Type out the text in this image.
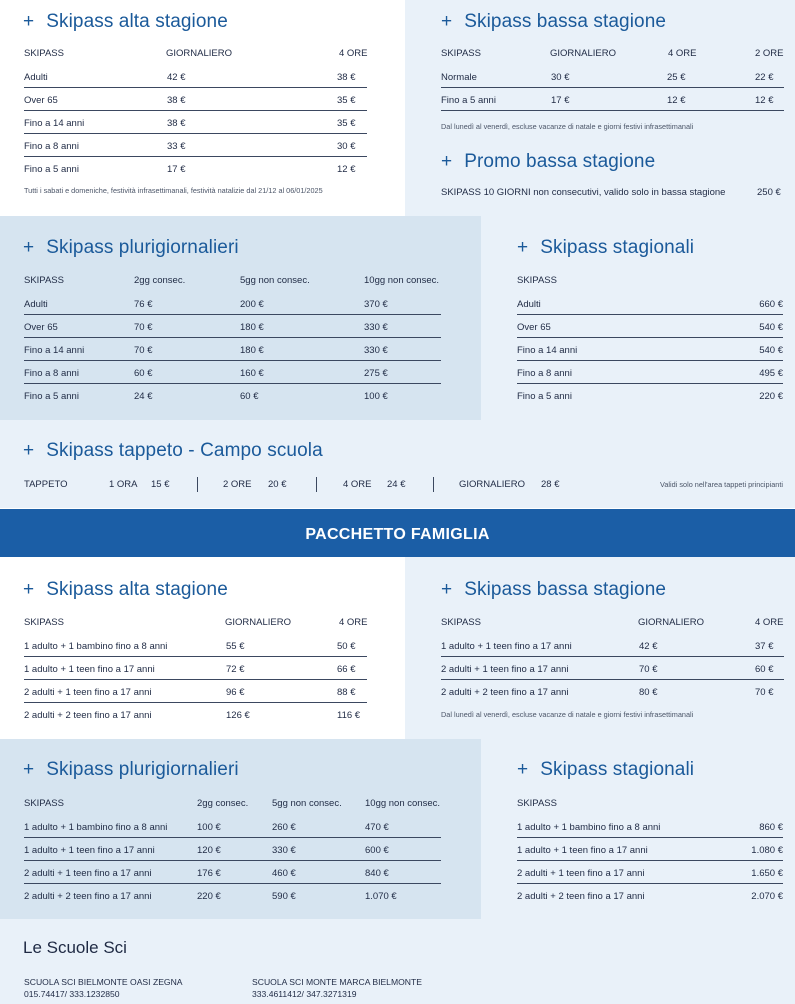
+ Skipass alta stagione
SKIPASS	GIORNALIERO	4 ORE
Adulti	42 €	38 €
Over 65	38 €	35 €
Fino a 14 anni	38 €	35 €
Fino a 8 anni	33 €	30 €
Fino a 5 anni	17 €	12 €
Tutti i sabati e domeniche, festività infrasettimanali, festività natalizie dal 21/12 al 06/01/2025
+ Skipass bassa stagione
SKIPASS	GIORNALIERO	4 ORE	2 ORE
Normale	30 €	25 €	22 €
Fino a 5 anni	17 €	12 €	12 €
Dal lunedì al venerdì, escluse vacanze di natale e giorni festivi infrasettimanali
+ Promo bassa stagione
SKIPASS 10 GIORNI non consecutivi, valido solo in bassa stagione	250 €
+ Skipass plurigiornalieri
SKIPASS	2gg consec.	5gg non consec.	10gg non consec.
Adulti	76 €	200 €	370 €
Over 65	70 €	180 €	330 €
Fino a 14 anni	70 €	180 €	330 €
Fino a 8 anni	60 €	160 €	275 €
Fino a 5 anni	24 €	60 €	100 €
+ Skipass stagionali
SKIPASS
Adulti	660 €
Over 65	540 €
Fino a 14 anni	540 €
Fino a 8 anni	495 €
Fino a 5 anni	220 €
+ Skipass tappeto - Campo scuola
TAPPETO	1 ORA 15 €	2 ORE 20 €	4 ORE 24 €	GIORNALIERO 28 €	Validi solo nell'area tappeti principianti
PACCHETTO FAMIGLIA
+ Skipass alta stagione
SKIPASS	GIORNALIERO	4 ORE
1 adulto + 1 bambino fino a 8 anni	55 €	50 €
1 adulto + 1 teen fino a 17 anni	72 €	66 €
2 adulti + 1 teen fino a 17 anni	96 €	88 €
2 adulti + 2 teen fino a 17 anni	126 €	116 €
+ Skipass bassa stagione
SKIPASS	GIORNALIERO	4 ORE
1 adulto + 1 teen fino a 17 anni	42 €	37 €
2 adulti + 1 teen fino a 17 anni	70 €	60 €
2 adulti + 2 teen fino a 17 anni	80 €	70 €
Dal lunedì al venerdì, escluse vacanze di natale e giorni festivi infrasettimanali
+ Skipass plurigiornalieri
SKIPASS	2gg consec.	5gg non consec. 10gg non consec.
1 adulto + 1 bambino fino a 8 anni	100 €	260 €	470 €
1 adulto + 1 teen fino a 17 anni	120 €	330 €	600 €
2 adulti + 1 teen fino a 17 anni	176 €	460 €	840 €
2 adulti + 2 teen fino a 17 anni	220 €	590 €	1.070 €
+ Skipass stagionali
SKIPASS
1 adulto + 1 bambino fino a 8 anni	860 €
1 adulto + 1 teen fino a 17 anni	1.080 €
2 adulti + 1 teen fino a 17 anni	1.650 €
2 adulti + 2 teen fino a 17 anni	2.070 €
Le Scuole Sci
SCUOLA SCI BIELMONTE OASI ZEGNA
015.74417/ 333.1232850
SCUOLA SCI MONTE MARCA BIELMONTE
333.4611412/ 347.3271319
